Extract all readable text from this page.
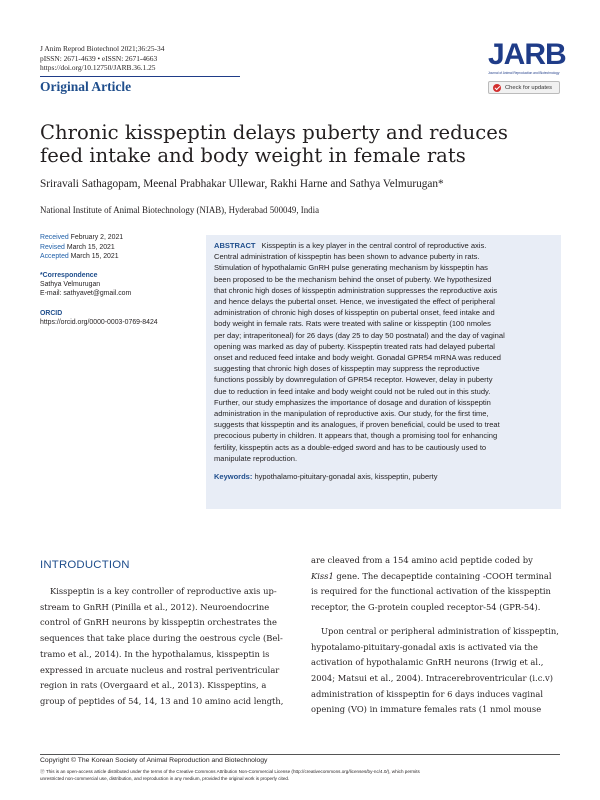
J Anim Reprod Biotechnol 2021;36:25-34
pISSN: 2671-4639 • eISSN: 2671-4663
https://doi.org/10.12750/JARB.36.1.25
Original Article
JARB
Journal of Animal Reproduction and Biotechnology
Check for updates
Chronic kisspeptin delays puberty and reduces
feed intake and body weight in female rats
Sriravali Sathagopam, Meenal Prabhakar Ullewar, Rakhi Harne and Sathya Velmurugan*
National Institute of Animal Biotechnology (NIAB), Hyderabad 500049, India
Received February 2, 2021
Revised March 15, 2021
Accepted March 15, 2021
*Correspondence
Sathya Velmurugan
E-mail: sathyavet@gmail.com
ORCID
https://orcid.org/0000-0003-0769-8424
ABSTRACT Kisspeptin is a key player in the central control of reproductive axis.
Central administration of kisspeptin has been shown to advance puberty in rats.
Stimulation of hypothalamic GnRH pulse generating mechanism by kisspeptin has
been proposed to be the mechanism behind the onset of puberty. We hypothesized
that chronic high doses of kisspeptin administration suppresses the reproductive axis
and hence delays the pubertal onset. Hence, we investigated the effect of peripheral
administration of chronic high doses of kisspeptin on pubertal onset, feed intake and
body weight in female rats. Rats were treated with saline or kisspeptin (100 nmoles
per day; intraperitoneal) for 26 days (day 25 to day 50 postnatal) and the day of vaginal
opening was marked as day of puberty. Kisspeptin treated rats had delayed pubertal
onset and reduced feed intake and body weight. Gonadal GPR54 mRNA was reduced
suggesting that chronic high doses of kisspeptin may suppress the reproductive
functions possibly by downregulation of GPR54 receptor. However, delay in puberty
due to reduction in feed intake and body weight could not be ruled out in this study.
Further, our study emphasizes the importance of dosage and duration of kisspeptin
administration in the manipulation of reproductive axis. Our study, for the first time,
suggests that kisspeptin and its analogues, if proven beneficial, could be used to treat
precocious puberty in children. It appears that, though a promising tool for enhancing
fertility, kisspeptin acts as a double-edged sword and has to be cautiously used to
manipulate reproduction.
Keywords: hypothalamo-pituitary-gonadal axis, kisspeptin, puberty
INTRODUCTION
Kisspeptin is a key controller of reproductive axis up-
stream to GnRH (Pinilla et al., 2012). Neuroendocrine
control of GnRH neurons by kisspeptin orchestrates the
sequences that take place during the oestrous cycle (Bel-
tramo et al., 2014). In the hypothalamus, kisspeptin is
expressed in arcuate nucleus and rostral periventricular
region in rats (Overgaard et al., 2013). Kisspeptins, a
group of peptides of 54, 14, 13 and 10 amino acid length,
are cleaved from a 154 amino acid peptide coded by
Kiss1 gene. The decapeptide containing -COOH terminal
is required for the functional activation of the kisspeptin
receptor, the G-protein coupled receptor-54 (GPR-54).
Upon central or peripheral administration of kisspeptin,
hypotalamo-pituitary-gonadal axis is activated via the
activation of hypothalamic GnRH neurons (Irwig et al.,
2004; Matsui et al., 2004). Intracerebroventricular (i.c.v)
administration of kisspeptin for 6 days induces vaginal
opening (VO) in immature females rats (1 nmol mouse
Copyright © The Korean Society of Animal Reproduction and Biotechnology
Ⓟ This is an open-access article distributed under the terms of the Creative Commons Attribution Non-Commercial License (http://creativecommons.org/licenses/by-nc/4.0/), which permits
unrestricted non-commercial use, distribution, and reproduction in any medium, provided the original work is properly cited.
